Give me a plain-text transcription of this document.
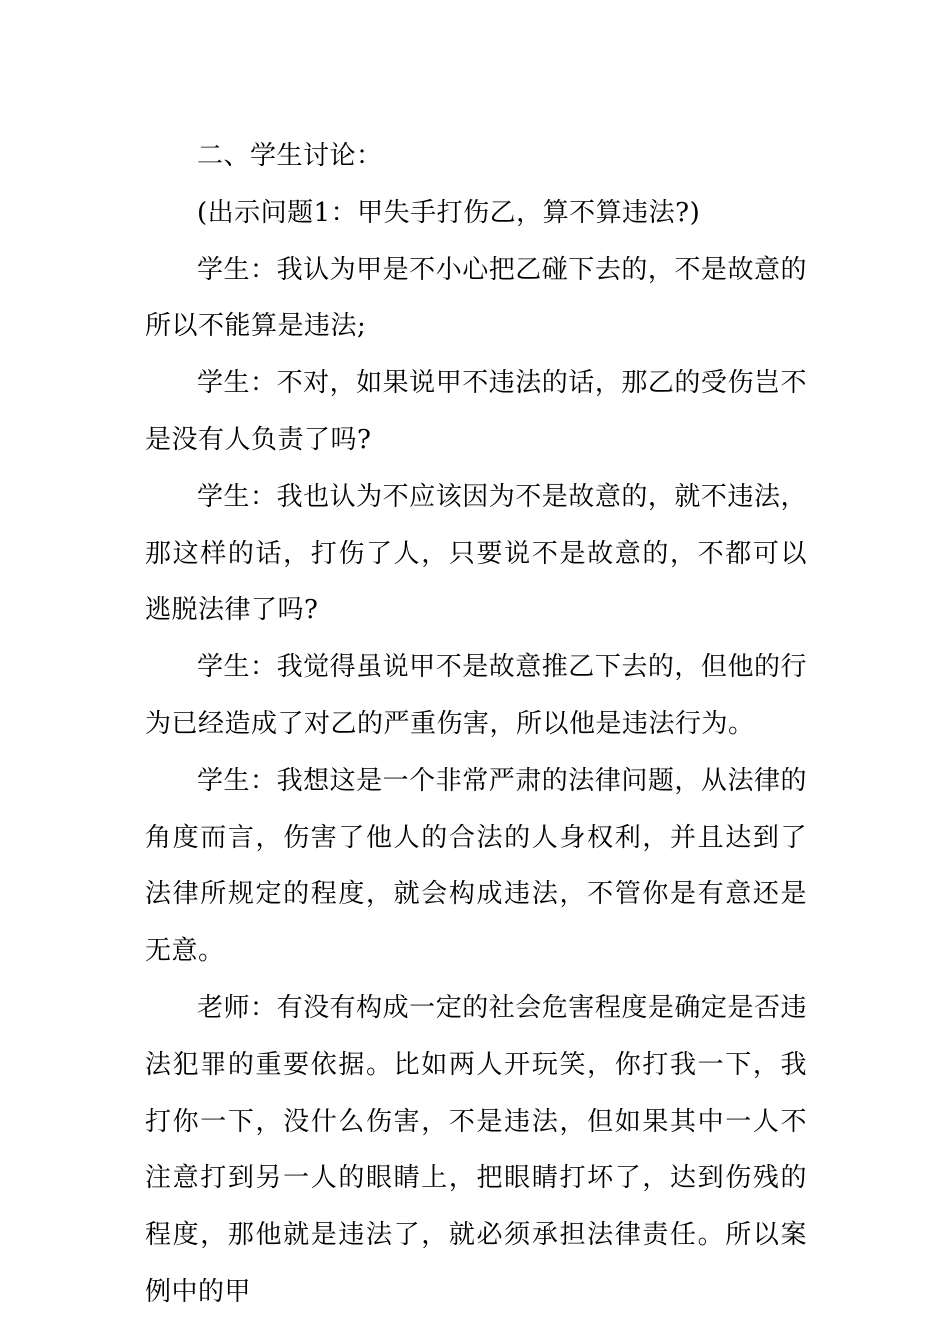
二、学生讨论：

(出示问题1：甲失手打伤乙，算不算违法?)

学生：我认为甲是不小心把乙碰下去的，不是故意的所以不能算是违法;

学生：不对，如果说甲不违法的话，那乙的受伤岂不是没有人负责了吗?

学生：我也认为不应该因为不是故意的，就不违法，那这样的话，打伤了人，只要说不是故意的，不都可以逃脱法律了吗?

学生：我觉得虽说甲不是故意推乙下去的，但他的行为已经造成了对乙的严重伤害，所以他是违法行为。

学生：我想这是一个非常严肃的法律问题，从法律的角度而言，伤害了他人的合法的人身权利，并且达到了法律所规定的程度，就会构成违法，不管你是有意还是无意。

老师：有没有构成一定的社会危害程度是确定是否违法犯罪的重要依据。比如两人开玩笑，你打我一下，我打你一下，没什么伤害，不是违法，但如果其中一人不注意打到另一人的眼睛上，把眼睛打坏了，达到伤残的程度，那他就是违法了，就必须承担法律责任。所以案例中的甲
